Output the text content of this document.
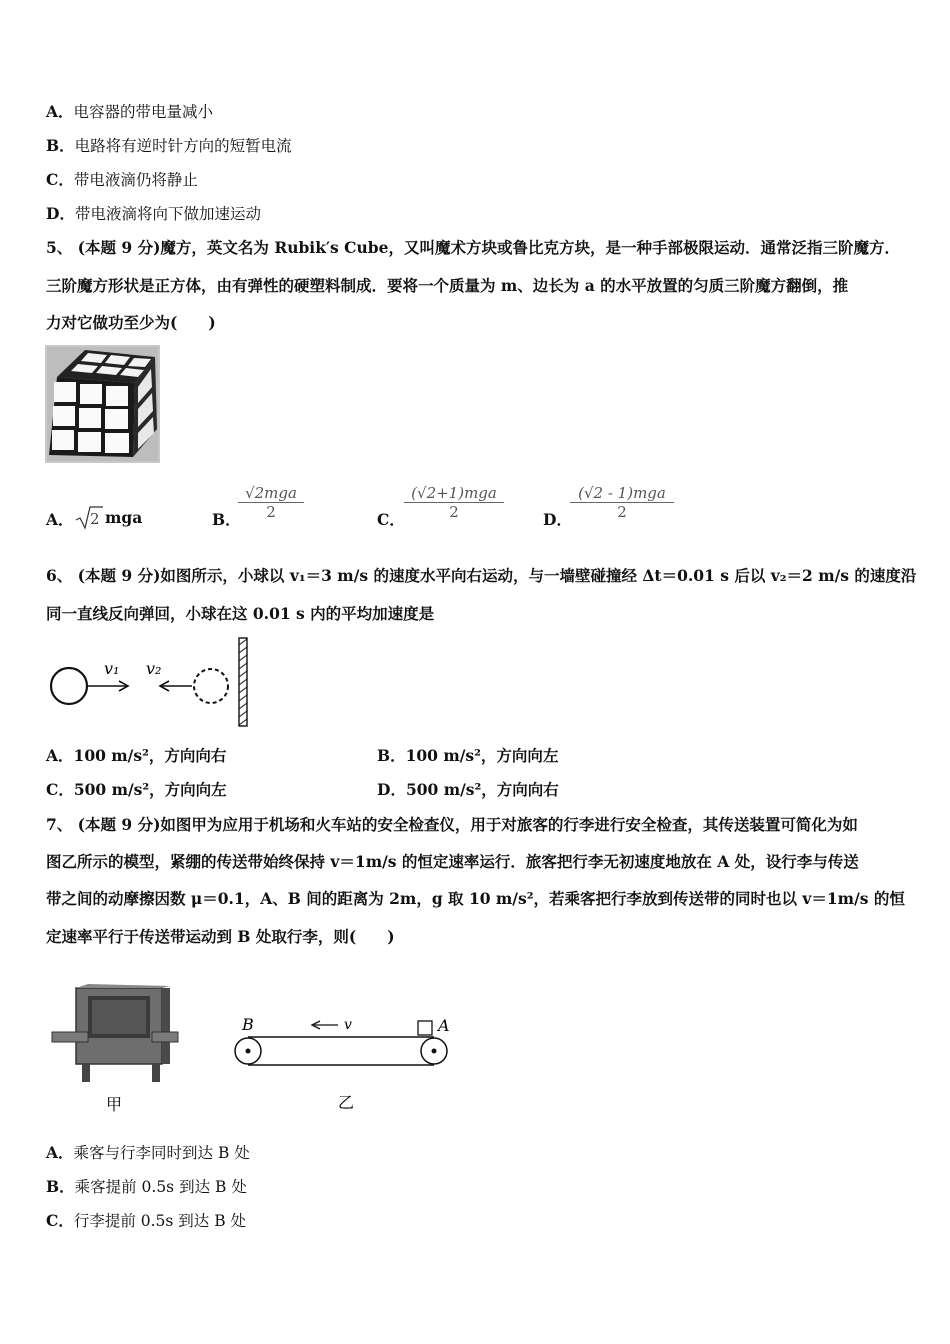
A．电容器的带电量减小
B．电路将有逆时针方向的短暂电流
C．带电液滴仍将静止
D．带电液滴将向下做加速运动
5、 (本题 9 分)魔方，英文名为 Rubik′s Cube，又叫魔术方块或鲁比克方块，是一种手部极限运动．通常泛指三阶魔方．
三阶魔方形状是正方体，由有弹性的硬塑料制成．要将一个质量为 m、边长为 a 的水平放置的匀质三阶魔方翻倒，推
力对它做功至少为(　　)
A． 2 mga	B．
√2mga
2	C．
(√2+1)mga
2	D．
(√2 - 1)mga
2
6、 (本题 9 分)如图所示，小球以 v₁＝3 m/s 的速度水平向右运动，与一墙壁碰撞经 Δt＝0.01 s 后以 v₂＝2 m/s 的速度沿
同一直线反向弹回，小球在这 0.01 s 内的平均加速度是
v₁ v₂
A．100 m/s²，方向向右	B．100 m/s²，方向向左
C．500 m/s²，方向向左	D．500 m/s²，方向向右
7、 (本题 9 分)如图甲为应用于机场和火车站的安全检查仪，用于对旅客的行李进行安全检查，其传送装置可简化为如
图乙所示的模型，紧绷的传送带始终保持 v＝1m/s 的恒定速率运行．旅客把行李无初速度地放在 A 处，设行李与传送
带之间的动摩擦因数 μ＝0.1，A、B 间的距离为 2m，g 取 10 m/s²，若乘客把行李放到传送带的同时也以 v＝1m/s 的恒
定速率平行于传送带运动到 B 处取行李，则(　　)
甲
B	v	A
乙
A．乘客与行李同时到达 B 处
B．乘客提前 0.5s 到达 B 处
C．行李提前 0.5s 到达 B 处
